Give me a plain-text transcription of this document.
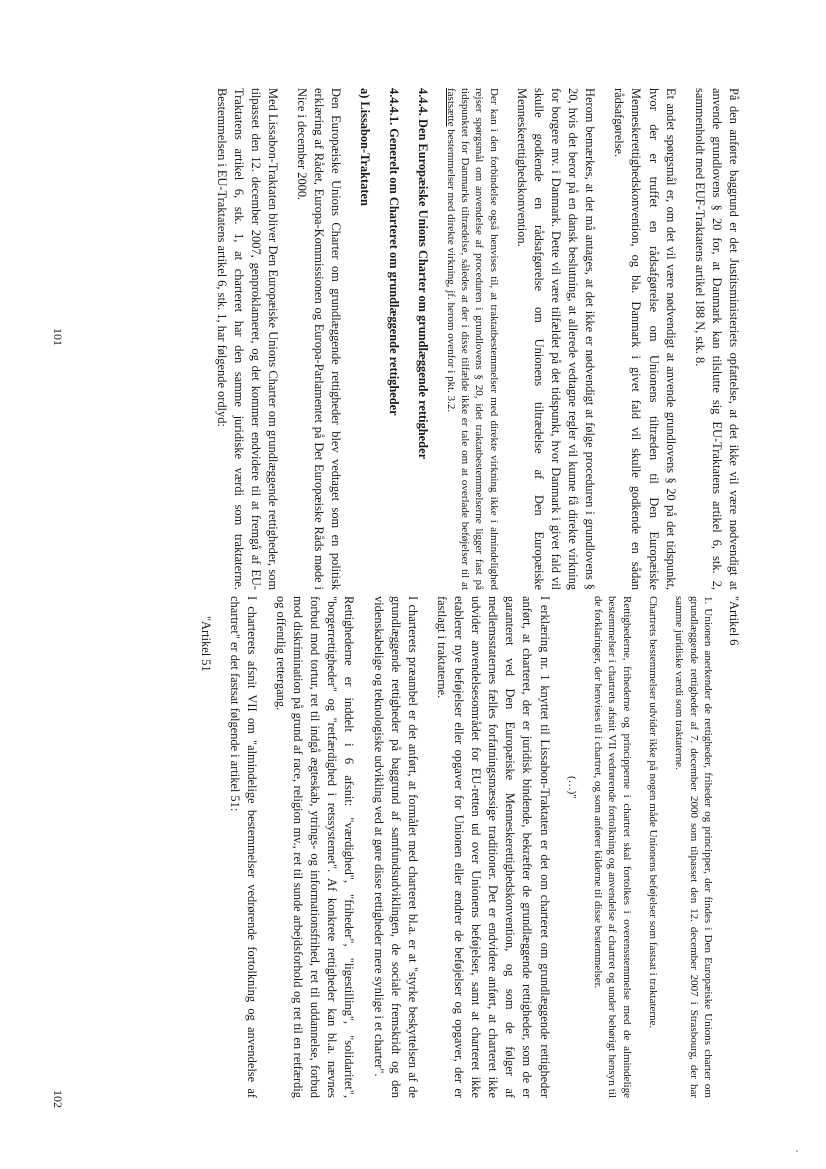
På den anførte baggrund er det Justitsministeriets opfattelse, at det ikke vil være nødvendigt at anvende grundlovens § 20 for, at Danmark kan tilslutte sig EU-Traktatens artikel 6, stk. 2, sammenholdt med EUF-Traktatens artikel 188 N, stk. 8.

Et andet spørgsmål er, om det vil være nødvendigt at anvende grundlovens § 20 på det tidspunkt, hvor der er truffet en rådsafgørelse om Unionens tiltræden til Den Europæiske Menneskerettighedskonvention, og bla. Danmark i givet fald vil skulle godkende en sådan rådsafgørelse.

Herom bemærkes, at det må antages, at det ikke er nødvendigt at følge proceduren i grundlovens § 20, hvis det beror på en dansk beslutning, at allerede vedtagne regler vil kunne få direkte virkning for borgere mv. i Danmark. Dette vil være tilfældet på det tidspunkt, hvor Danmark i givet fald vil skulle godkende en rådsafgørelse om Unionens tiltrædelse af Den Europæiske Menneskerettighedskonvention.

Der kan i den forbindelse også henvises til, at traktatbestemmelser med direkte virkning ikke i almindelighed rejser spørgsmål om anvendelse af proceduren i grundlovens § 20, idet traktatbestemmelserne ligger fast på tidspunktet for Danmarks tiltrædelse, således at der i disse tilfælde ikke er tale om at overlade beføjelser til at fastsætte bestemmelser med direkte virkning, jf. herom ovenfor i pkt. 3.2.

4.4.4. Den Europæiske Unions Charter om grundlæggende rettigheder

4.4.4.1. Generelt om Charteret om grundlæggende rettigheder

a) Lissabon-Traktaten

Den Europæiske Unions Charter om grundlæggende rettigheder blev vedtaget som en politisk erklæring af Rådet, Europa-Kommissionen og Europa-Parlamentet på Det Europæiske Råds møde i Nice i december 2000.

Med Lissabon-Traktaten bliver Den Europæiske Unions Charter om grundlæggende rettigheder, som tilpasset den 12. december 2007, genproklameret, og det kommer endvidere til at fremgå af EU-Traktatens artikel 6, stk. 1, at charteret har den samme juridiske værdi som traktaterne. Bestemmelsen i EU-Traktatens artikel 6, stk. 1, har følgende ordlyd:

101

"Artikel 6

1. Unionen anerkender de rettigheder, friheder og principper, der findes i Den Europæiske Unions charter om grundlæggende rettigheder af 7. december 2000 som tilpasset den 12. december 2007 i Strasbourg, der har samme juridiske værdi som traktaterne.

Chartrets bestemmelser udvider ikke på nogen måde Unionens beføjelser som fastsat i traktaterne.

Rettighederne, frihederne og principperne i chartret skal fortolkes i overensstemmelse med de almindelige bestemmelser i chartrets afsnit VII vedrørende fortolkning og anvendelse af chartret og under behørigt hensyn til de forklaringer, der henvises til i chartret, og som anfører kilderne til disse bestemmelser.

(…)"

I erklæring nr. 1 knyttet til Lissabon-Traktaten er det om charteret om grundlæggende rettigheder anført, at charteret, der er juridisk bindende, bekræfter de grundlæggende rettigheder, som de er garanteret ved Den Europæiske Menneskerettighedskonvention, og som de følger af medlemsstaternes fælles forfatningsmæssige traditioner. Det er endvidere anført, at charteret ikke udvider anvendelsesområdet for EU-retten ud over Unionens beføjelser, samt at charteret ikke etablerer nye beføjelser eller opgaver for Unionen eller ændrer de beføjelser og opgaver, der er fastlagt i traktaterne.

I charterets præambel er det anført, at formålet med charteret bl.a. er at "styrke beskyttelsen af de grundlæggende rettigheder på baggrund af samfundsudviklingen, de sociale fremskridt og den videnskabelige og teknologiske udvikling ved at gøre disse rettigheder mere synlige i et charter".

Rettighederne er inddelt i 6 afsnit: "værdighed", "friheder", "ligestilling", "solidaritet", "borgerrettigheder" og "retfærdighed i retssystemet". Af konkrete rettigheder kan bl.a. nævnes forbud mod tortur, ret til indgå ægteskab, ytrings- og informationsfrihed, ret til uddannelse, forbud mod diskrimination på grund af race, religion mv., ret til sunde arbejdsforhold og ret til en retfærdig og offentlig rettergang.

I charterets afsnit VII om "almindelige bestemmelser vedrørende fortolkning og anvendelse af chartret" er det fastsat følgende i artikel 51:

"Artikel 51

102
